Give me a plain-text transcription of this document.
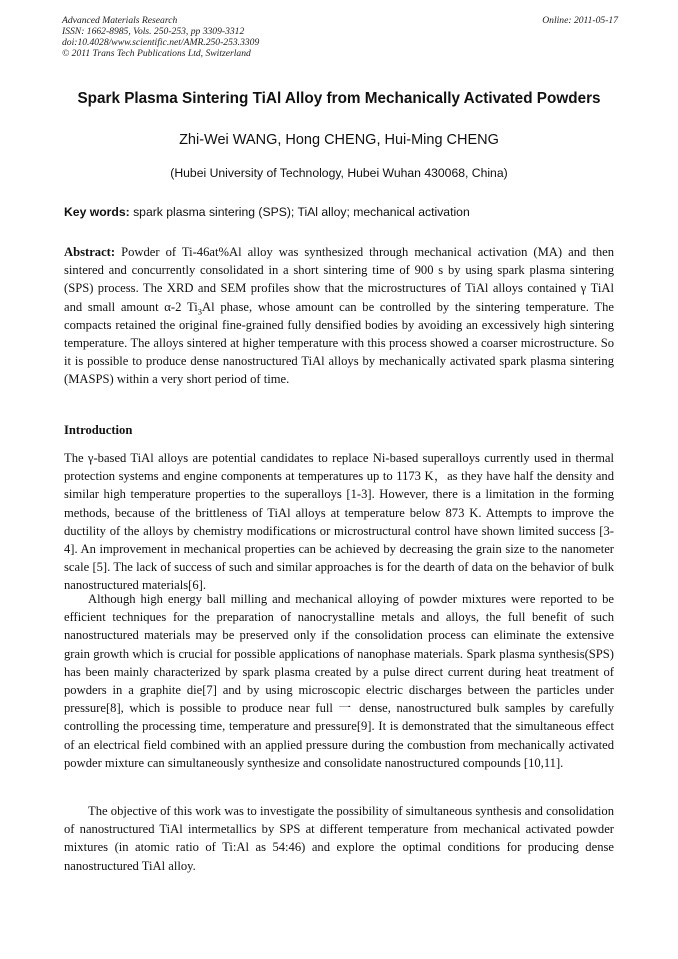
Advanced Materials Research
ISSN: 1662-8985, Vols. 250-253, pp 3309-3312
doi:10.4028/www.scientific.net/AMR.250-253.3309
© 2011 Trans Tech Publications Ltd, Switzerland
Online: 2011-05-17
Spark Plasma Sintering TiAl Alloy from Mechanically Activated Powders
Zhi-Wei WANG, Hong CHENG, Hui-Ming CHENG
(Hubei University of Technology, Hubei Wuhan 430068, China)
Key words: spark plasma sintering (SPS); TiAl alloy; mechanical activation

Abstract: Powder of Ti-46at%Al alloy was synthesized through mechanical activation (MA) and then sintered and concurrently consolidated in a short sintering time of 900 s by using spark plasma sintering (SPS) process. The XRD and SEM profiles show that the microstructures of TiAl alloys contained γ TiAl and small amount α-2 $Ti_3Al$ phase, whose amount can be controlled by the sintering temperature. The compacts retained the original fine-grained fully densified bodies by avoiding an excessively high sintering temperature. The alloys sintered at higher temperature with this process showed a coarser microstructure. So it is possible to produce dense nanostructured TiAl alloys by mechanically activated spark plasma sintering (MASPS) within a very short period of time.

Introduction

The γ-based TiAl alloys are potential candidates to replace Ni-based superalloys currently used in thermal protection systems and engine components at temperatures up to 1173 K，as they have half the density and similar high temperature properties to the superalloys [1-3]. However, there is a limitation in the forming methods, because of the brittleness of TiAl alloys at temperature below 873 K. Attempts to improve the ductility of the alloys by chemistry modifications or microstructural control have shown limited success [3-4]. An improvement in mechanical properties can be achieved by decreasing the grain size to the nanometer scale [5]. The lack of success of such and similar approaches is for the dearth of data on the behavior of bulk nanostructured materials[6].

Although high energy ball milling and mechanical alloying of powder mixtures were reported to be efficient techniques for the preparation of nanocrystalline metals and alloys, the full benefit of such nanostructured materials may be preserved only if the consolidation process can eliminate the extensive grain growth which is crucial for possible applications of nanophase materials. Spark plasma synthesis(SPS) has been mainly characterized by spark plasma created by a pulse direct current during heat treatment of powders in a graphite die[7] and by using microscopic electric discharges between the particles under pressure[8], which is possible to produce near full 一 dense, nanostructured bulk samples by carefully controlling the processing time, temperature and pressure[9]. It is demonstrated that the simultaneous effect of an electrical field combined with an applied pressure during the combustion from mechanically activated powder mixture can simultaneously synthesize and consolidate nanostructured compounds [10,11].

The objective of this work was to investigate the possibility of simultaneous synthesis and consolidation of nanostructured TiAl intermetallics by SPS at different temperature from mechanical activated powder mixtures (in atomic ratio of Ti:Al as 54:46) and explore the optimal conditions for producing dense nanostructured TiAl alloy.
